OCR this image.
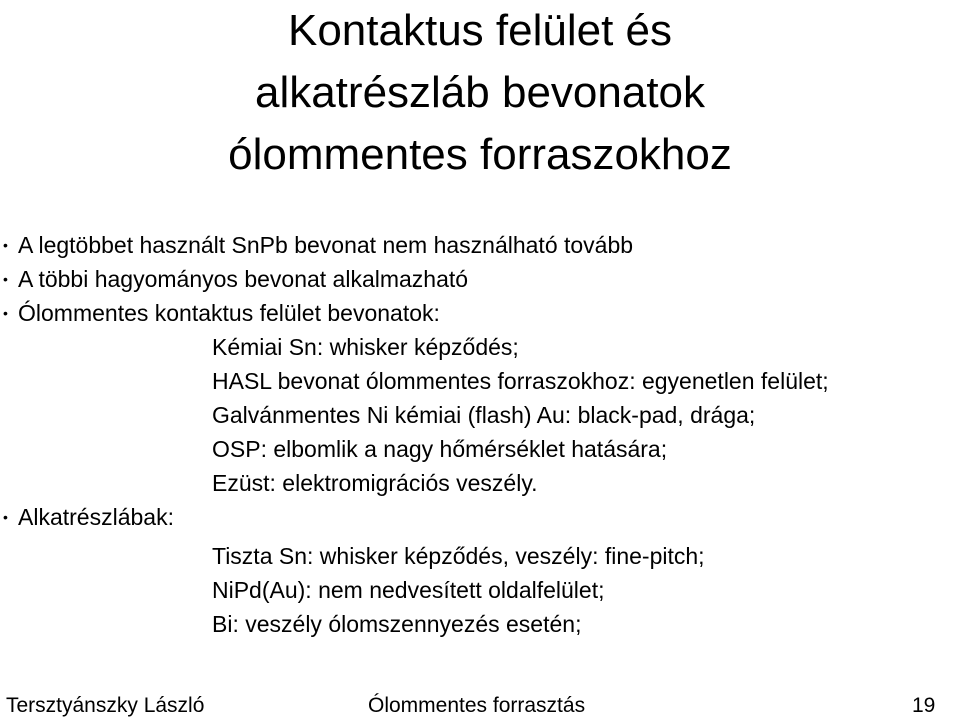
Kontaktus felület és
alkatrészláb bevonatok
ólommentes forraszokhoz
• A legtöbbet használt SnPb bevonat nem használható tovább
• A többi hagyományos bevonat alkalmazható
• Ólommentes kontaktus felület bevonatok:
Kémiai Sn: whisker képződés;
HASL bevonat ólommentes forraszokhoz: egyenetlen felület;
Galvánmentes Ni kémiai (flash) Au: black-pad, drága;
OSP: elbomlik a nagy hőmérséklet hatására;
Ezüst: elektromigrációs veszély.
• Alkatrészlábak:
Tiszta Sn: whisker képződés, veszély: fine-pitch;
NiPd(Au): nem nedvesített oldalfelület;
Bi: veszély ólomszennyezés esetén;
Tersztyánszky László	Ólommentes forrasztás	19
